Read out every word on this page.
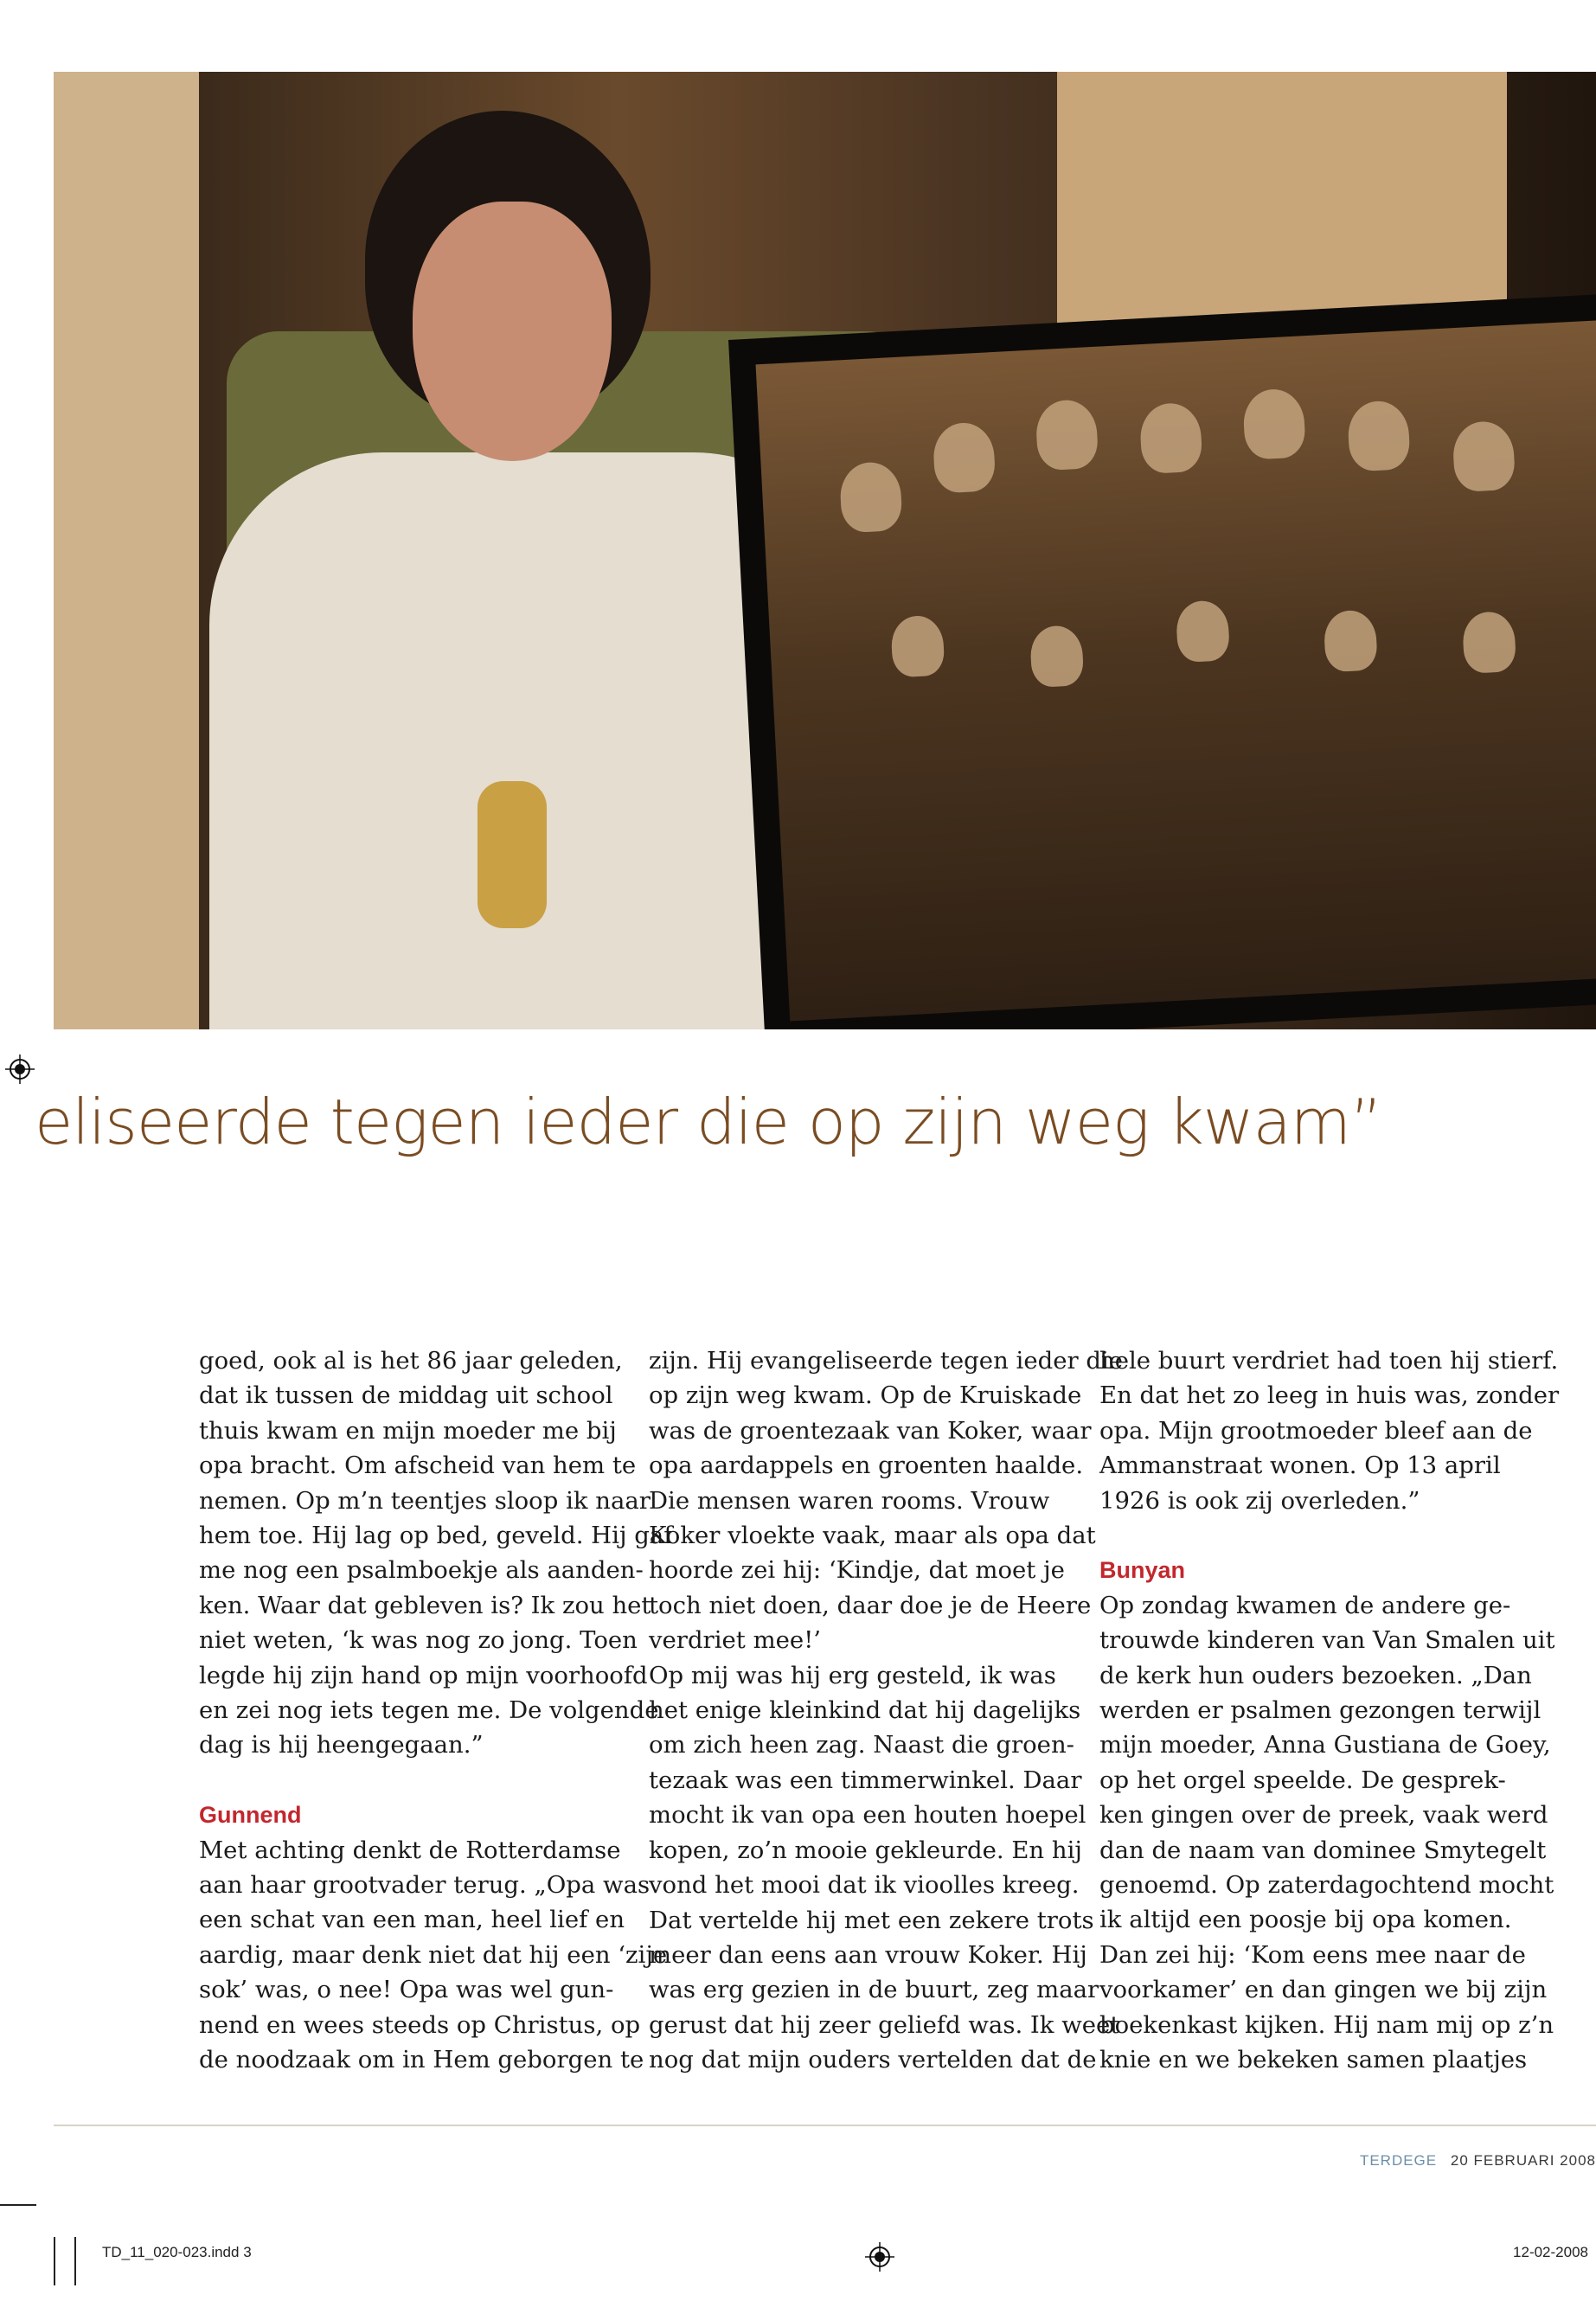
eliseerde tegen ieder die op zijn weg kwam”

goed, ook al is het 86 jaar geleden,

dat ik tussen de middag uit school

thuis kwam en mijn moeder me bij

opa bracht. Om afscheid van hem te

nemen. Op m’n teentjes sloop ik naar

hem toe. Hij lag op bed, geveld. Hij gaf

me nog een psalmboekje als aanden-

ken. Waar dat gebleven is? Ik zou het

niet weten, ‘k was nog zo jong. Toen

legde hij zijn hand op mijn voorhoofd

en zei nog iets tegen me. De volgende

dag is hij heengegaan.”

Gunnend

Met achting denkt de Rotterdamse

aan haar grootvader terug. „Opa was

een schat van een man, heel lief en

aardig, maar denk niet dat hij een ‘zije

sok’ was, o nee! Opa was wel gun-

nend en wees steeds op Christus, op

de noodzaak om in Hem geborgen te

zijn. Hij evangeliseerde tegen ieder die

op zijn weg kwam. Op de Kruiskade

was de groentezaak van Koker, waar

opa aardappels en groenten haalde.

Die mensen waren rooms. Vrouw

Koker vloekte vaak, maar als opa dat

hoorde zei hij: ‘Kindje, dat moet je

toch niet doen, daar doe je de Heere

verdriet mee!’

Op mij was hij erg gesteld, ik was

het enige kleinkind dat hij dagelijks

om zich heen zag. Naast die groen-

tezaak was een timmerwinkel. Daar

mocht ik van opa een houten hoepel

kopen, zo’n mooie gekleurde. En hij

vond het mooi dat ik vioolles kreeg.

Dat vertelde hij met een zekere trots

meer dan eens aan vrouw Koker. Hij

was erg gezien in de buurt, zeg maar

gerust dat hij zeer geliefd was. Ik weet

nog dat mijn ouders vertelden dat de

hele buurt verdriet had toen hij stierf.

En dat het zo leeg in huis was, zonder

opa. Mijn grootmoeder bleef aan de

Ammanstraat wonen. Op 13 april

1926 is ook zij overleden.”

Bunyan

Op zondag kwamen de andere ge-

trouwde kinderen van Van Smalen uit

de kerk hun ouders bezoeken. „Dan

werden er psalmen gezongen terwijl

mijn moeder, Anna Gustiana de Goey,

op het orgel speelde. De gesprek-

ken gingen over de preek, vaak werd

dan de naam van dominee Smytegelt

genoemd. Op zaterdagochtend mocht

ik altijd een poosje bij opa komen.

Dan zei hij: ‘Kom eens mee naar de

voorkamer’ en dan gingen we bij zijn

boekenkast kijken. Hij nam mij op z’n

knie en we bekeken samen plaatjes

TERDEGE 20 FEBRUARI 2008
TD_11_020-023.indd 3	12-02-2008
